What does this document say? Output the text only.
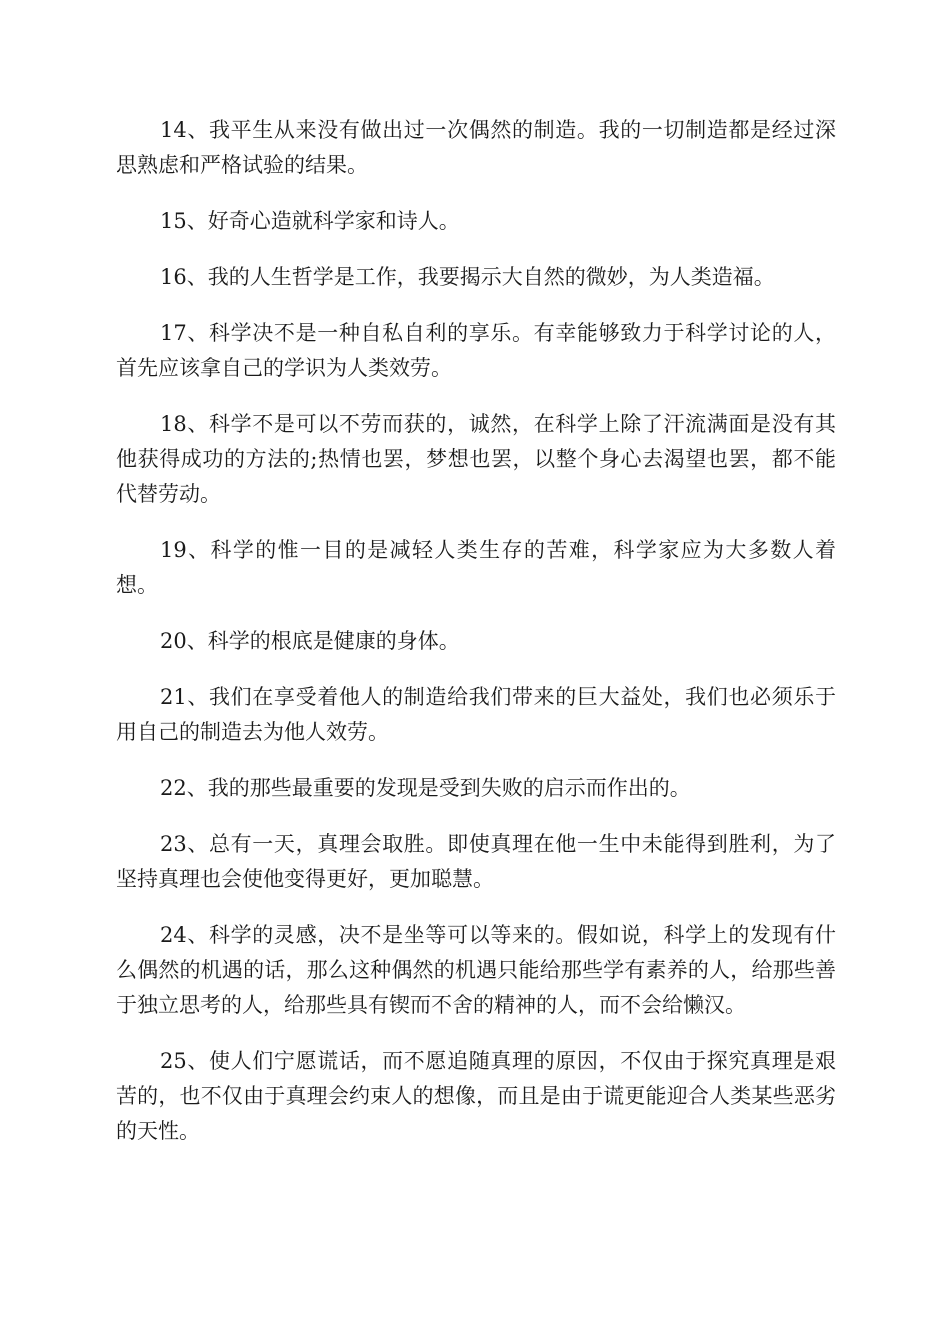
14、我平生从来没有做出过一次偶然的制造。我的一切制造都是经过深思熟虑和严格试验的结果。

15、好奇心造就科学家和诗人。

16、我的人生哲学是工作，我要揭示大自然的微妙，为人类造福。

17、科学决不是一种自私自利的享乐。有幸能够致力于科学讨论的人，首先应该拿自己的学识为人类效劳。

18、科学不是可以不劳而获的，诚然，在科学上除了汗流满面是没有其他获得成功的方法的;热情也罢，梦想也罢，以整个身心去渴望也罢，都不能代替劳动。

19、科学的惟一目的是减轻人类生存的苦难，科学家应为大多数人着想。

20、科学的根底是健康的身体。

21、我们在享受着他人的制造给我们带来的巨大益处，我们也必须乐于用自己的制造去为他人效劳。

22、我的那些最重要的发现是受到失败的启示而作出的。

23、总有一天，真理会取胜。即使真理在他一生中未能得到胜利，为了坚持真理也会使他变得更好，更加聪慧。

24、科学的灵感，决不是坐等可以等来的。假如说，科学上的发现有什么偶然的机遇的话，那么这种偶然的机遇只能给那些学有素养的人，给那些善于独立思考的人，给那些具有锲而不舍的精神的人，而不会给懒汉。

25、使人们宁愿谎话，而不愿追随真理的原因，不仅由于探究真理是艰苦的，也不仅由于真理会约束人的想像，而且是由于谎更能迎合人类某些恶劣的天性。
